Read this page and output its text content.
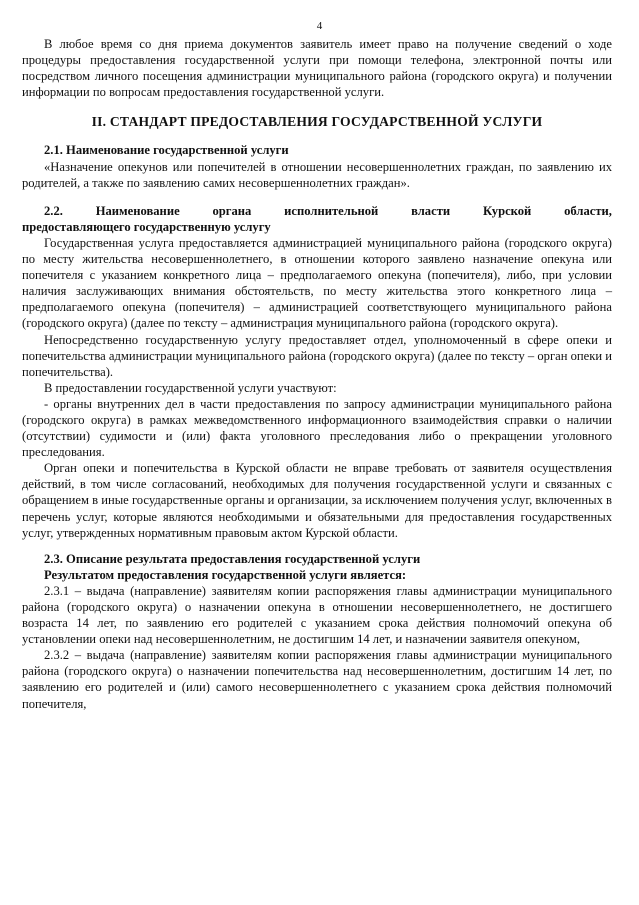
4

В любое время со дня приема документов заявитель имеет право на получение сведений о ходе процедуры предоставления государственной услуги при помощи телефона, электронной почты или посредством личного посещения администрации муниципального района (городского округа) и получении информации по вопросам предоставления государственной услуги.

II. СТАНДАРТ ПРЕДОСТАВЛЕНИЯ ГОСУДАРСТВЕННОЙ УСЛУГИ

2.1. Наименование государственной услуги

«Назначение опекунов или попечителей в отношении несовершеннолетних граждан, по заявлению их родителей, а также по заявлению самих несовершеннолетних граждан».

2.2.	Наименование	органа	исполнительной	власти	Курской	области,

предоставляющего государственную услугу

Государственная услуга предоставляется администрацией муниципального района (городского округа) по месту жительства несовершеннолетнего, в отношении которого заявлено назначение опекуна или попечителя с указанием конкретного лица – предполагаемого опекуна (попечителя), либо, при условии наличия заслуживающих внимания обстоятельств, по месту жительства этого конкретного лица – предполагаемого опекуна (попечителя) – администрацией соответствующего муниципального района (городского округа) (далее по тексту – администрация муниципального района (городского округа).

Непосредственно государственную услугу предоставляет отдел, уполномоченный в сфере опеки и попечительства администрации муниципального района (городского округа) (далее по тексту – орган опеки и попечительства).

В предоставлении государственной услуги участвуют:

- органы внутренних дел в части предоставления по запросу администрации муниципального района (городского округа) в рамках межведомственного информационного взаимодействия справки о наличии (отсутствии) судимости и (или) факта уголовного преследования либо о прекращении уголовного преследования.

Орган опеки и попечительства в Курской области не вправе требовать от заявителя осуществления действий, в том числе согласований, необходимых для получения государственной услуги и связанных с обращением в иные государственные органы и организации, за исключением получения услуг, включенных в перечень услуг, которые являются необходимыми и обязательными для предоставления государственных услуг, утвержденных нормативным правовым актом Курской области.

2.3. Описание результата предоставления государственной услуги

Результатом предоставления государственной услуги является:

2.3.1 – выдача (направление) заявителям копии распоряжения главы администрации муниципального района (городского округа) о назначении опекуна в отношении несовершеннолетнего, не достигшего возраста 14 лет, по заявлению его родителей с указанием срока действия полномочий опекуна об установлении опеки над несовершеннолетним, не достигшим 14 лет, и назначении заявителя опекуном,

2.3.2 – выдача (направление) заявителям копии распоряжения главы администрации муниципального района (городского округа) о назначении попечительства над несовершеннолетним, достигшим 14 лет, по заявлению его родителей и (или) самого несовершеннолетнего с указанием срока действия полномочий попечителя,
